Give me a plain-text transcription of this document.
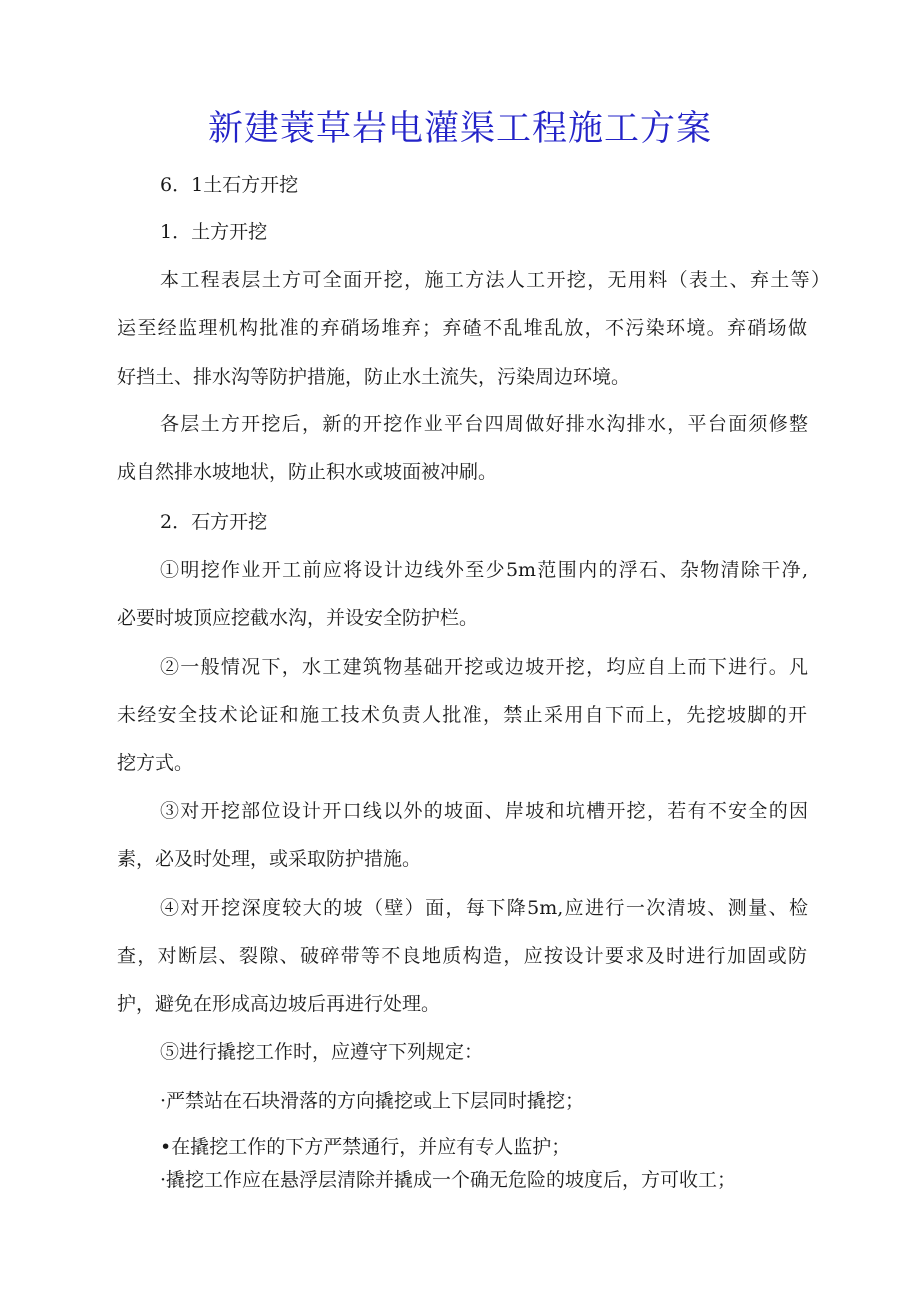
新建蓑草岩电灌渠工程施工方案
6．1土石方开挖
1．土方开挖
本工程表层土方可全面开挖，施工方法人工开挖，无用料（表土、弃土等）
运至经监理机构批准的弃硝场堆弃；弃碴不乱堆乱放，不污染环境。弃硝场做
好挡土、排水沟等防护措施，防止水土流失，污染周边环境。
各层土方开挖后，新的开挖作业平台四周做好排水沟排水，平台面须修整
成自然排水坡地状，防止积水或坡面被冲刷。
2．石方开挖
①明挖作业开工前应将设计边线外至少5m范围内的浮石、杂物清除干净,
必要时坡顶应挖截水沟，并设安全防护栏。
②一般情况下，水工建筑物基础开挖或边坡开挖，均应自上而下进行。凡
未经安全技术论证和施工技术负责人批准，禁止采用自下而上，先挖坡脚的开
挖方式。
③对开挖部位设计开口线以外的坡面、岸坡和坑槽开挖，若有不安全的因
素，必及时处理，或采取防护措施。
④对开挖深度较大的坡（壁）面，每下降5m,应进行一次清坡、测量、检
查，对断层、裂隙、破碎带等不良地质构造，应按设计要求及时进行加固或防
护，避免在形成高边坡后再进行处理。
⑤进行撬挖工作时，应遵守下列规定：
·严禁站在石块滑落的方向撬挖或上下层同时撬挖；
•在撬挖工作的下方严禁通行，并应有专人监护；
·撬挖工作应在悬浮层清除并撬成一个确无危险的坡度后，方可收工；
